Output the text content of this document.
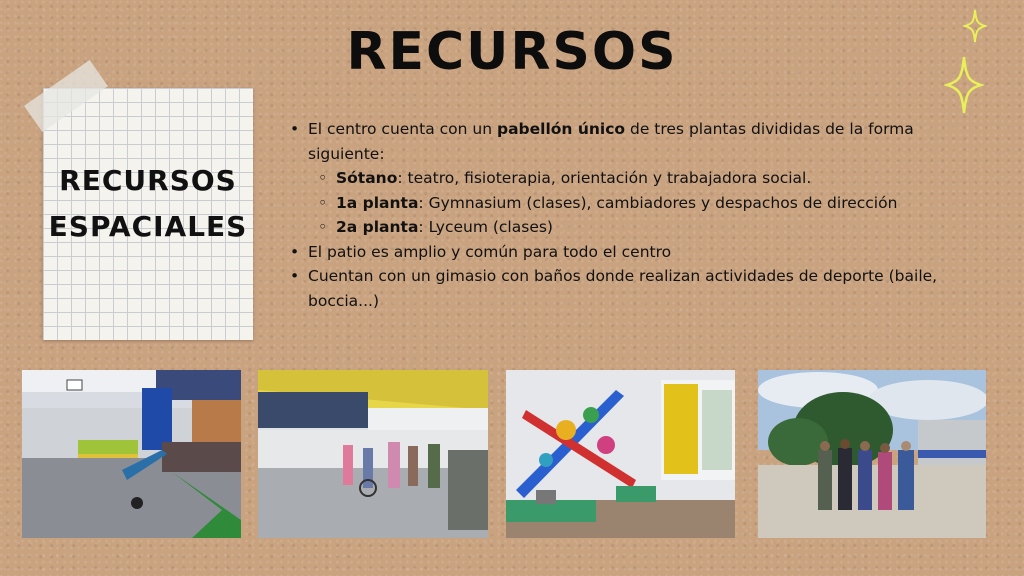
RECURSOS
RECURSOS
ESPACIALES
• El centro cuenta con un pabellón único de tres plantas divididas de la forma siguiente:
◦ Sótano: teatro, fisioterapia, orientación y trabajadora social.
◦ 1a planta: Gymnasium (clases), cambiadores y despachos de dirección
◦ 2a planta: Lyceum (clases)
• El patio es amplio y común para todo el centro
• Cuentan con un gimasio con baños donde realizan actividades de deporte (baile, boccia...)
